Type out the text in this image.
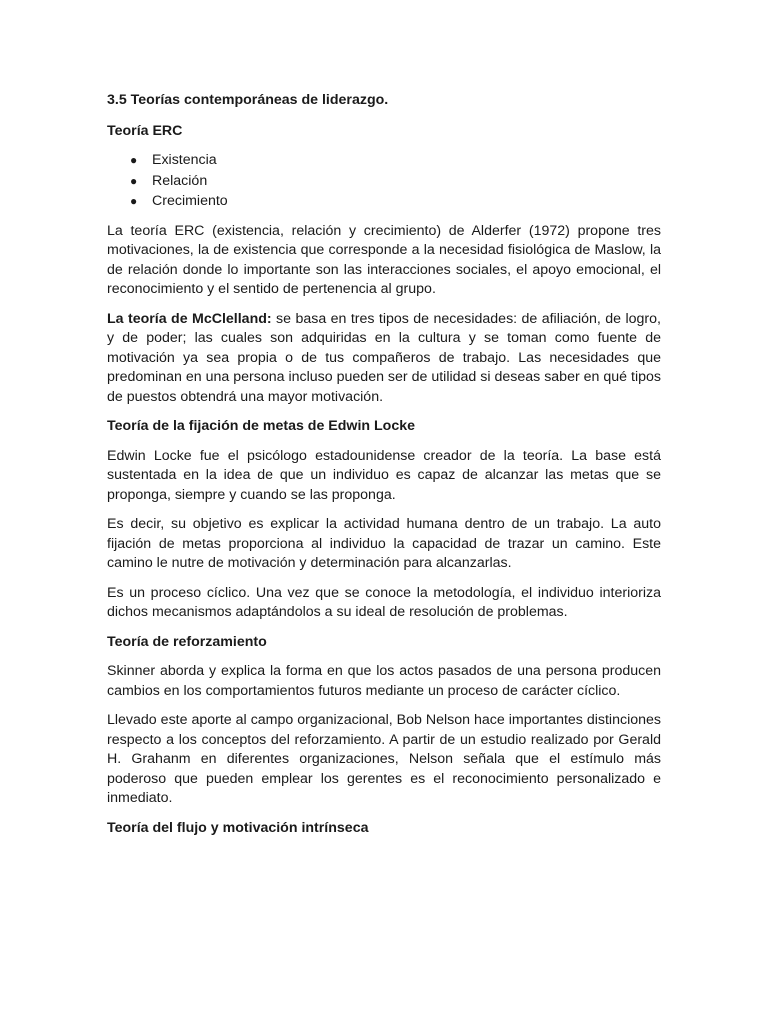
3.5 Teorías contemporáneas de liderazgo.

Teoría ERC

● Existencia
● Relación
● Crecimiento

La teoría ERC (existencia, relación y crecimiento) de Alderfer (1972) propone tres motivaciones, la de existencia que corresponde a la necesidad fisiológica de Maslow, la de relación donde lo importante son las interacciones sociales, el apoyo emocional, el reconocimiento y el sentido de pertenencia al grupo.

La teoría de McClelland: se basa en tres tipos de necesidades: de afiliación, de logro, y de poder; las cuales son adquiridas en la cultura y se toman como fuente de motivación ya sea propia o de tus compañeros de trabajo. Las necesidades que predominan en una persona incluso pueden ser de utilidad si deseas saber en qué tipos de puestos obtendrá una mayor motivación.

Teoría de la fijación de metas de Edwin Locke

Edwin Locke fue el psicólogo estadounidense creador de la teoría. La base está sustentada en la idea de que un individuo es capaz de alcanzar las metas que se proponga, siempre y cuando se las proponga.

Es decir, su objetivo es explicar la actividad humana dentro de un trabajo. La auto fijación de metas proporciona al individuo la capacidad de trazar un camino. Este camino le nutre de motivación y determinación para alcanzarlas.

Es un proceso cíclico. Una vez que se conoce la metodología, el individuo interioriza dichos mecanismos adaptándolos a su ideal de resolución de problemas.

Teoría de reforzamiento

Skinner aborda y explica la forma en que los actos pasados de una persona producen cambios en los comportamientos futuros mediante un proceso de carácter cíclico.

Llevado este aporte al campo organizacional, Bob Nelson hace importantes distinciones respecto a los conceptos del reforzamiento. A partir de un estudio realizado por Gerald H. Grahanm en diferentes organizaciones, Nelson señala que el estímulo más poderoso que pueden emplear los gerentes es el reconocimiento personalizado e inmediato.

Teoría del flujo y motivación intrínseca
